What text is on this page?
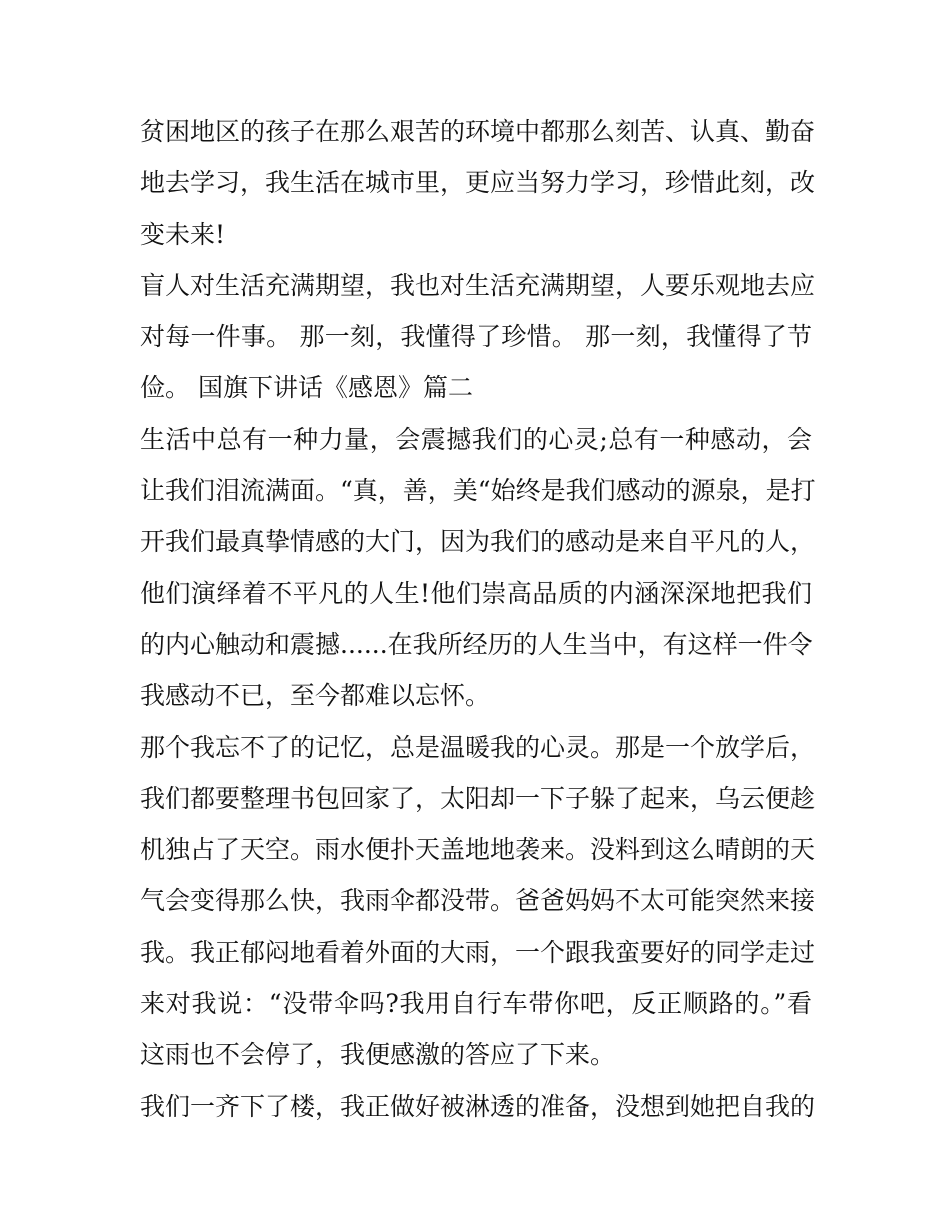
贫困地区的孩子在那么艰苦的环境中都那么刻苦、认真、勤奋
地去学习，我生活在城市里，更应当努力学习，珍惜此刻，改
变未来!

盲人对生活充满期望，我也对生活充满期望，人要乐观地去应
对每一件事。 那一刻，我懂得了珍惜。 那一刻，我懂得了节
俭。 国旗下讲话《感恩》篇二

生活中总有一种力量，会震撼我们的心灵;总有一种感动，会
让我们泪流满面。“真，善，美“始终是我们感动的源泉，是打
开我们最真挚情感的大门，因为我们的感动是来自平凡的人，
他们演绎着不平凡的人生!他们崇高品质的内涵深深地把我们
的内心触动和震撼......在我所经历的人生当中，有这样一件令
我感动不已，至今都难以忘怀。

那个我忘不了的记忆，总是温暖我的心灵。那是一个放学后，
我们都要整理书包回家了，太阳却一下子躲了起来，乌云便趁
机独占了天空。雨水便扑天盖地地袭来。没料到这么晴朗的天
气会变得那么快，我雨伞都没带。爸爸妈妈不太可能突然来接
我。我正郁闷地看着外面的大雨，一个跟我蛮要好的同学走过
来对我说：“没带伞吗?我用自行车带你吧，反正顺路的。”看
这雨也不会停了，我便感激的答应了下来。

我们一齐下了楼，我正做好被淋透的准备，没想到她把自我的
